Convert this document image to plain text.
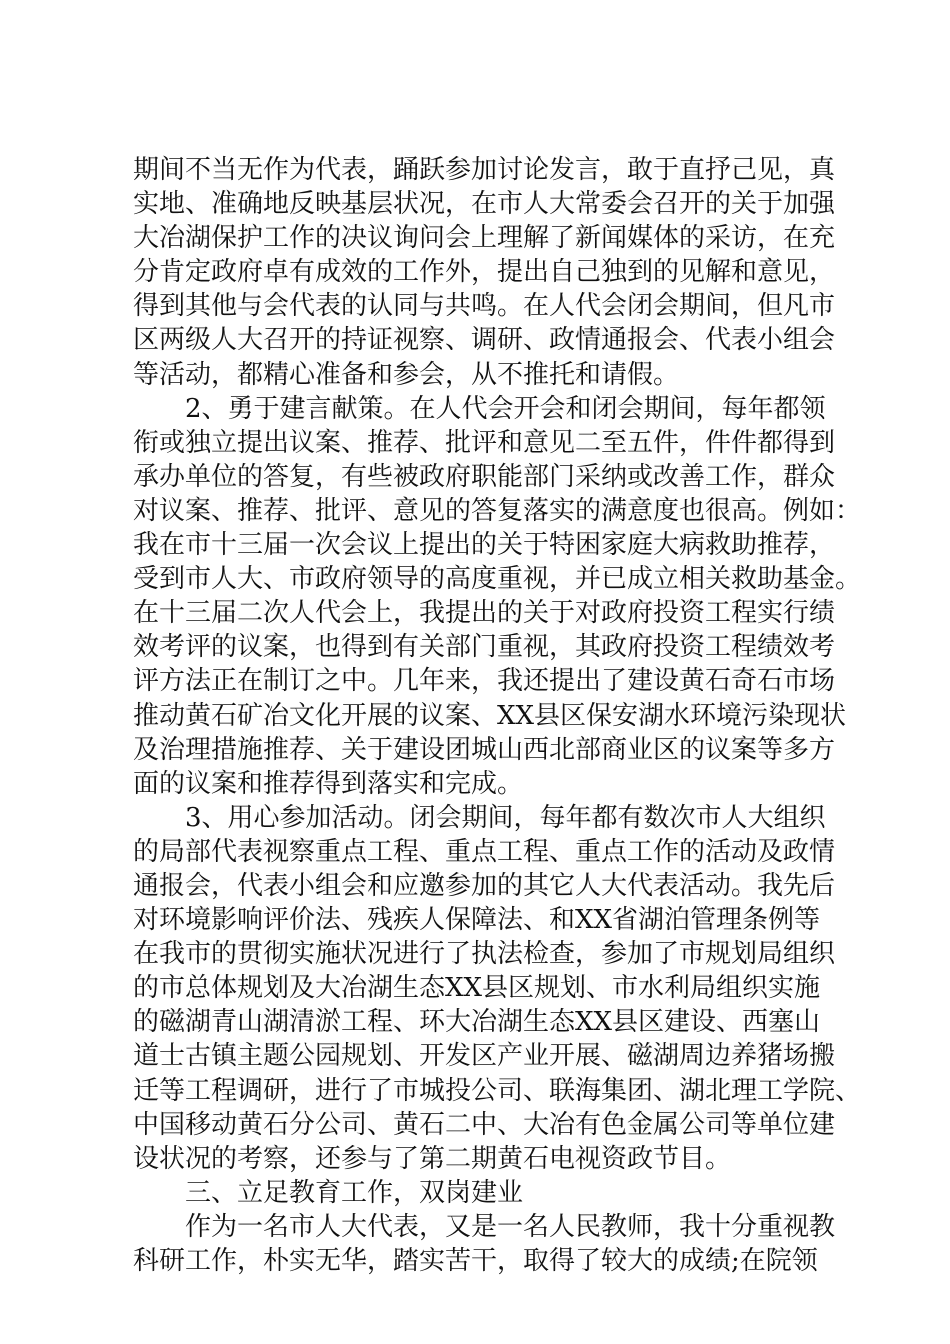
期间不当无作为代表，踊跃参加讨论发言，敢于直抒己见，真
实地、准确地反映基层状况，在市人大常委会召开的关于加强
大冶湖保护工作的决议询问会上理解了新闻媒体的采访，在充
分肯定政府卓有成效的工作外，提出自己独到的见解和意见，
得到其他与会代表的认同与共鸣。在人代会闭会期间，但凡市
区两级人大召开的持证视察、调研、政情通报会、代表小组会
等活动，都精心准备和参会，从不推托和请假。
2、勇于建言献策。在人代会开会和闭会期间，每年都领
衔或独立提出议案、推荐、批评和意见二至五件，件件都得到
承办单位的答复，有些被政府职能部门采纳或改善工作，群众
对议案、推荐、批评、意见的答复落实的满意度也很高。例如：
我在市十三届一次会议上提出的关于特困家庭大病救助推荐，
受到市人大、市政府领导的高度重视，并已成立相关救助基金。
在十三届二次人代会上，我提出的关于对政府投资工程实行绩
效考评的议案，也得到有关部门重视，其政府投资工程绩效考
评方法正在制订之中。几年来，我还提出了建设黄石奇石市场
推动黄石矿冶文化开展的议案、XX县区保安湖水环境污染现状
及治理措施推荐、关于建设团城山西北部商业区的议案等多方
面的议案和推荐得到落实和完成。
3、用心参加活动。闭会期间，每年都有数次市人大组织
的局部代表视察重点工程、重点工程、重点工作的活动及政情
通报会，代表小组会和应邀参加的其它人大代表活动。我先后
对环境影响评价法、残疾人保障法、和XX省湖泊管理条例等
在我市的贯彻实施状况进行了执法检查，参加了市规划局组织
的市总体规划及大冶湖生态XX县区规划、市水利局组织实施
的磁湖青山湖清淤工程、环大冶湖生态XX县区建设、西塞山
道士古镇主题公园规划、开发区产业开展、磁湖周边养猪场搬
迁等工程调研，进行了市城投公司、联海集团、湖北理工学院、
中国移动黄石分公司、黄石二中、大冶有色金属公司等单位建
设状况的考察，还参与了第二期黄石电视资政节目。
三、立足教育工作，双岗建业
作为一名市人大代表，又是一名人民教师，我十分重视教
科研工作，朴实无华，踏实苦干，取得了较大的成绩;在院领
